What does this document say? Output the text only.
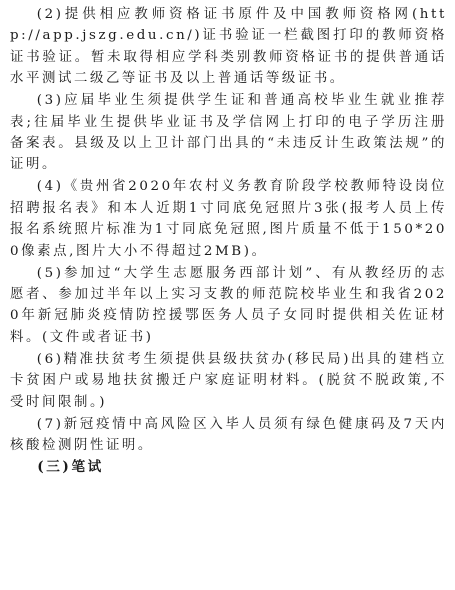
(2)提供相应教师资格证书原件及中国教师资格网(http://app.jszg.edu.cn/)证书验证一栏截图打印的教师资格证书验证。暂未取得相应学科类别教师资格证书的提供普通话水平测试二级乙等证书及以上普通话等级证书。

(3)应届毕业生须提供学生证和普通高校毕业生就业推荐表;往届毕业生提供毕业证书及学信网上打印的电子学历注册备案表。县级及以上卫计部门出具的“未违反计生政策法规”的证明。

(4)《贵州省2020年农村义务教育阶段学校教师特设岗位招聘报名表》和本人近期1寸同底免冠照片3张(报考人员上传报名系统照片标准为1寸同底免冠照,图片质量不低于150*200像素点,图片大小不得超过2MB)。

(5)参加过“大学生志愿服务西部计划”、有从教经历的志愿者、参加过半年以上实习支教的师范院校毕业生和我省2020年新冠肺炎疫情防控援鄂医务人员子女同时提供相关佐证材料。(文件或者证书)

(6)精准扶贫考生须提供县级扶贫办(移民局)出具的建档立卡贫困户或易地扶贫搬迁户家庭证明材料。(脱贫不脱政策,不受时间限制。)

(7)新冠疫情中高风险区入毕人员须有绿色健康码及7天内核酸检测阴性证明。

(三)笔试
